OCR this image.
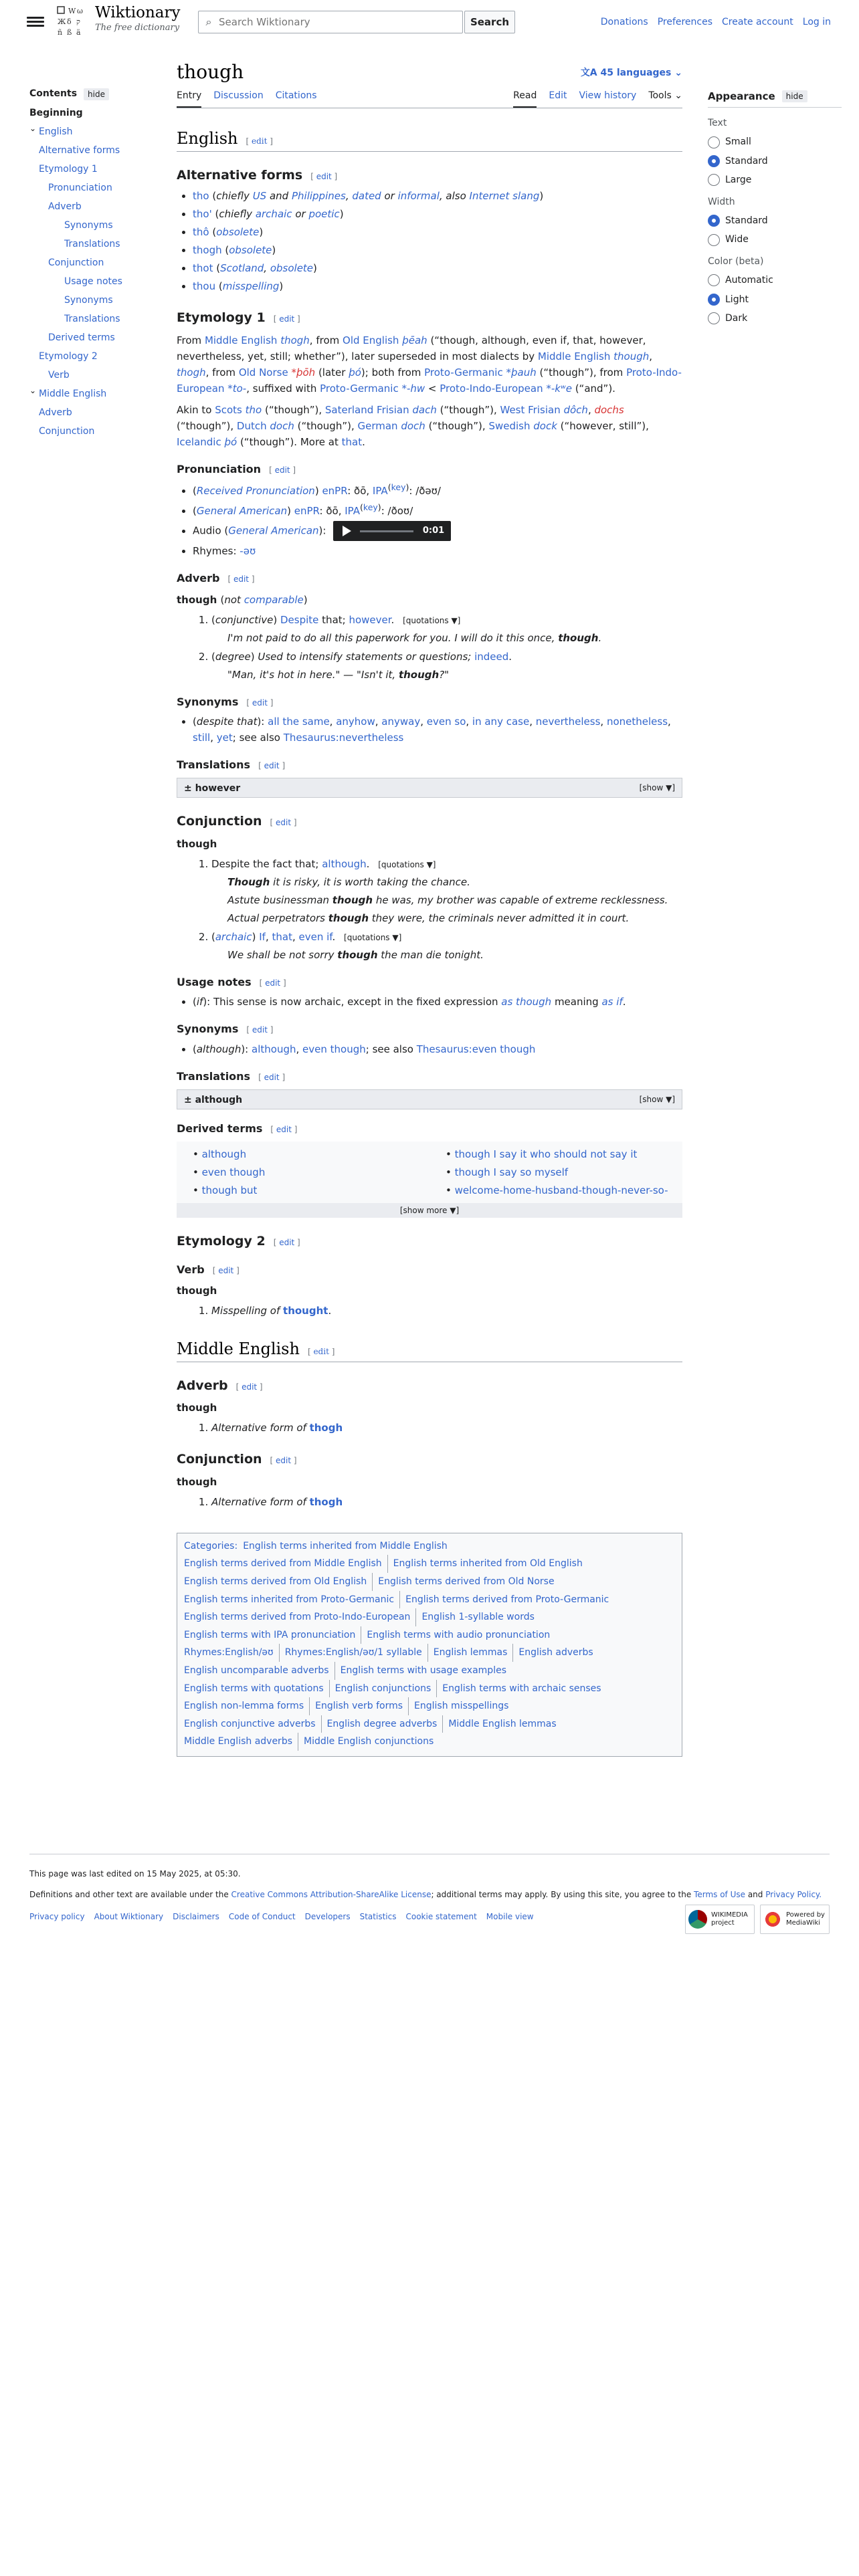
W ω
Ж δ ק
ñ ß ä
Wiktionary
The free dictionary	⌕
Search Wiktionary	Search	Donations Preferences Create account Log in
Contents	hide
Beginning
⌄ English
Alternative forms
Etymology 1
Pronunciation
Adverb
Synonyms
Translations
Conjunction
Usage notes
Synonyms
Translations
Derived terms
Etymology 2
Verb
⌄ Middle English
Adverb
Conjunction
Appearance	hide
Text
Small
Standard
Large
Width
Standard
Wide
Color (beta)
Automatic
Light
Dark
though	文A 45 languages ⌄
Entry Discussion Citations	Read Edit View history Tools ⌄
English [ edit ]
Alternative forms [ edit ]
• tho (chiefly US and Philippines, dated or informal, also Internet slang)
• tho' (chiefly archaic or poetic)
• thô (obsolete)
• thogh (obsolete)
• thot (Scotland, obsolete)
• thou (misspelling)
Etymology 1 [ edit ]

From Middle English thogh, from Old English þēah (“though, although, even if, that, however, nevertheless, yet, still; whether”), later superseded in most dialects by Middle English though, thogh, from Old Norse *þōh (later þó); both from Proto-Germanic *þauh (“though”), from Proto-Indo-European *to-, suffixed with Proto-Germanic *-hw < Proto-Indo-European *-kʷe (“and”).

Akin to Scots tho (“though”), Saterland Frisian dach (“though”), West Frisian dôch, dochs (“though”), Dutch doch (“though”), German doch (“though”), Swedish dock (“however, still”), Icelandic þó (“though”). More at that.

Pronunciation [ edit ]
• (Received Pronunciation) enPR: ðō, $IPA^{(key)}$: /ðəʊ/
• (General American) enPR: ðō, $IPA^{(key)}$: /ðoʊ/
• Audio (General American):	0:01
• Rhymes: -əʊ
Adverb [ edit ]
though (not comparable)
1. (conjunctive) Despite that; however. [quotations ▼]
I'm not paid to do all this paperwork for you. I will do it this once, though.
2. (degree) Used to intensify statements or questions; indeed.
"Man, it's hot in here." — "Isn't it, though?"
Synonyms [ edit ]
• (despite that): all the same, anyhow, anyway, even so, in any case, nevertheless, nonetheless, still, yet; see also Thesaurus:nevertheless
Translations [ edit ]
± however	[show ▼]
Conjunction [ edit ]
though
1. Despite the fact that; although. [quotations ▼]
Though it is risky, it is worth taking the chance.
Astute businessman though he was, my brother was capable of extreme recklessness.
Actual perpetrators though they were, the criminals never admitted it in court.
2. (archaic) If, that, even if. [quotations ▼]
We shall be not sorry though the man die tonight.
Usage notes [ edit ]
• (if): This sense is now archaic, except in the fixed expression as though meaning as if.
Synonyms [ edit ]
• (although): although, even though; see also Thesaurus:even though
Translations [ edit ]
± although	[show ▼]
Derived terms [ edit ]
• although
• even though
• though but
• though I say it who should not say it
• though I say so myself
• welcome-home-husband-though-never-so-
[show more ▼]
Etymology 2 [ edit ]
Verb [ edit ]
though
1. Misspelling of thought.
Middle English [ edit ]
Adverb [ edit ]
though
1. Alternative form of thogh
Conjunction [ edit ]
though
1. Alternative form of thogh
Categories: English terms inherited from Middle English
English terms derived from Middle English	English terms inherited from Old English
English terms derived from Old English	English terms derived from Old Norse
English terms inherited from Proto-Germanic	English terms derived from Proto-Germanic
English terms derived from Proto-Indo-European	English 1-syllable words
English terms with IPA pronunciation	English terms with audio pronunciation
Rhymes:English/əʊ	Rhymes:English/əʊ/1 syllable	English lemmas	English adverbs
English uncomparable adverbs	English terms with usage examples
English terms with quotations	English conjunctions	English terms with archaic senses
English non-lemma forms	English verb forms	English misspellings
English conjunctive adverbs	English degree adverbs	Middle English lemmas
Middle English adverbs	Middle English conjunctions

This page was last edited on 15 May 2025, at 05:30.

Definitions and other text are available under the Creative Commons Attribution-ShareAlike License; additional terms may apply. By using this site, you agree to the Terms of Use and Privacy Policy.

Privacy policy About Wiktionary Disclaimers Code of Conduct Developers Statistics Cookie statement Mobile view	WIKIMEDIA project
Powered by MediaWiki
